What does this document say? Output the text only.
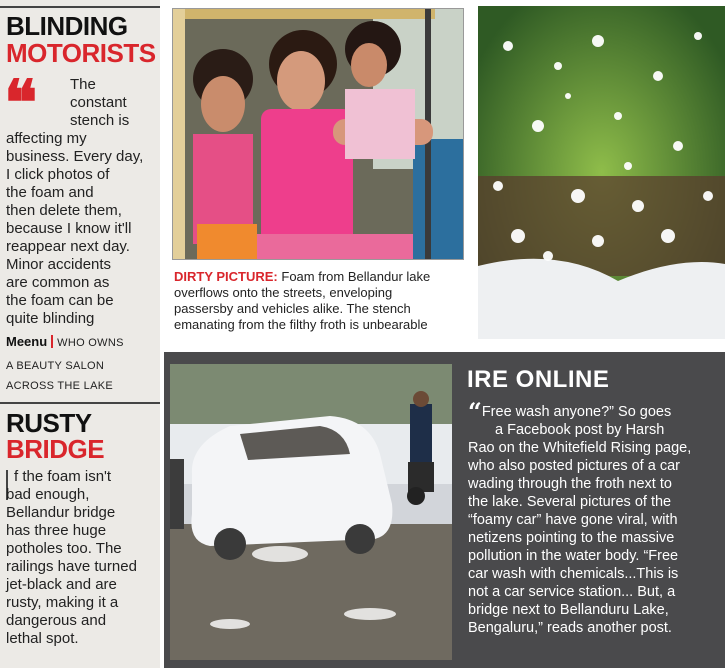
BLINDING
MOTORISTS
❝ The
constant
stench is
affecting my
business. Every day,
I click photos of
the foam and
then delete them,
because I know it'll
reappear next day.
Minor accidents
are common as
the foam can be
quite blinding
Meenu WHO OWNS
A BEAUTY SALON
ACROSS THE LAKE
RUSTY
BRIDGE
f the foam isn't
bad enough,
Bellandur bridge
has three huge
potholes too. The
railings have turned
jet-black and are
rusty, making it a
dangerous and
lethal spot.
DIRTY PICTURE: Foam from Bellandur lake
overflows onto the streets, enveloping
passersby and vehicles alike. The stench
emanating from the filthy froth is unbearable
IRE ONLINE
“Free wash anyone?” So goes
a Facebook post by Harsh
Rao on the Whitefield Rising page,
who also posted pictures of a car
wading through the froth next to
the lake. Several pictures of the
“foamy car” have gone viral, with
netizens pointing to the massive
pollution in the water body. “Free
car wash with chemicals...This is
not a car service station... But, a
bridge next to Bellanduru Lake,
Bengaluru,” reads another post.
